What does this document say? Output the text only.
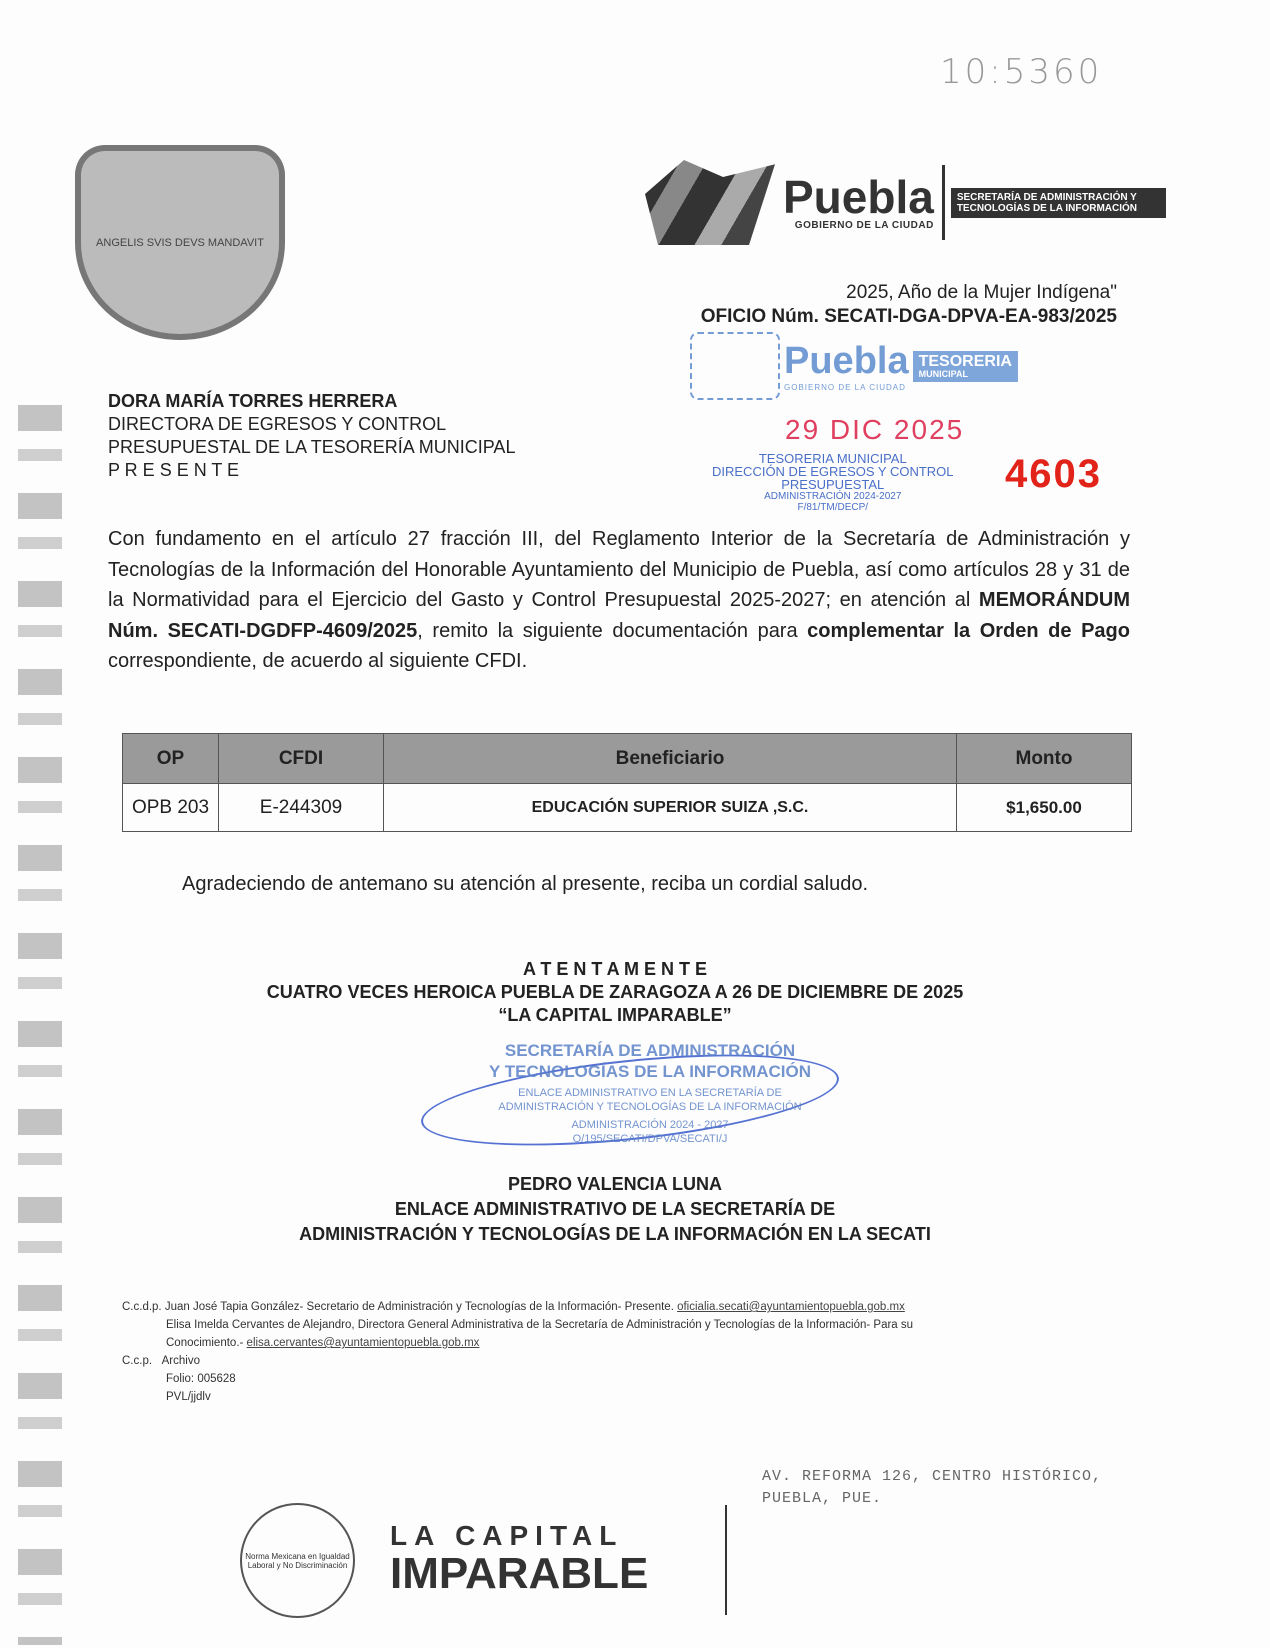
10:5360
ANGELIS SVIS DEVS MANDAVIT
Puebla
GOBIERNO DE LA CIUDAD
SECRETARÍA DE ADMINISTRACIÓN Y TECNOLOGÍAS DE LA INFORMACIÓN
2025, Año de la Mujer Indígena"
OFICIO Núm. SECATI-DGA-DPVA-EA-983/2025
Puebla
GOBIERNO DE LA CIUDAD
TESORERIA
MUNICIPAL
29 DIC 2025
TESORERIA MUNICIPAL
DIRECCIÓN DE EGRESOS Y CONTROL
PRESUPUESTAL
ADMINISTRACIÓN 2024-2027
F/81/TM/DECP/
4603
DORA MARÍA TORRES HERRERA
DIRECTORA DE EGRESOS Y CONTROL
PRESUPUESTAL DE LA TESORERÍA MUNICIPAL
P R E S E N T E

Con fundamento en el artículo 27 fracción III, del Reglamento Interior de la Secretaría de Administración y Tecnologías de la Información del Honorable Ayuntamiento del Municipio de Puebla, así como artículos 28 y 31 de la Normatividad para el Ejercicio del Gasto y Control Presupuestal 2025-2027; en atención al MEMORÁNDUM Núm. SECATI-DGDFP-4609/2025, remito la siguiente documentación para complementar la Orden de Pago correspondiente, de acuerdo al siguiente CFDI.

OP	CFDI	Beneficiario	Monto
OPB 203	E-244309	EDUCACIÓN SUPERIOR SUIZA ,S.C.	$1,650.00
Agradeciendo de antemano su atención al presente, reciba un cordial saludo.
A T E N T A M E N T E
CUATRO VECES HEROICA PUEBLA DE ZARAGOZA A 26 DE DICIEMBRE DE 2025
“LA CAPITAL IMPARABLE”
SECRETARÍA DE ADMINISTRACIÓN
Y TECNOLOGÍAS DE LA INFORMACIÓN
ENLACE ADMINISTRATIVO EN LA SECRETARÍA DE
ADMINISTRACIÓN Y TECNOLOGÍAS DE LA INFORMACIÓN
ADMINISTRACIÓN 2024 - 2027
O/195/SECATI/DPVA/SECATI/J
PEDRO VALENCIA LUNA
ENLACE ADMINISTRATIVO DE LA SECRETARÍA DE
ADMINISTRACIÓN Y TECNOLOGÍAS DE LA INFORMACIÓN EN LA SECATI
C.c.d.p. Juan José Tapia González- Secretario de Administración y Tecnologías de la Información- Presente. oficialia.secati@ayuntamientopuebla.gob.mx
Elisa Imelda Cervantes de Alejandro, Directora General Administrativa de la Secretaría de Administración y Tecnologías de la Información- Para su
Conocimiento.- elisa.cervantes@ayuntamientopuebla.gob.mx
C.c.p. Archivo
Folio: 005628
PVL/jjdlv
AV. REFORMA 126, CENTRO HISTÓRICO,
PUEBLA, PUE.
Norma Mexicana en Igualdad Laboral y No Discriminación
LA CAPITAL
IMPARABLE
